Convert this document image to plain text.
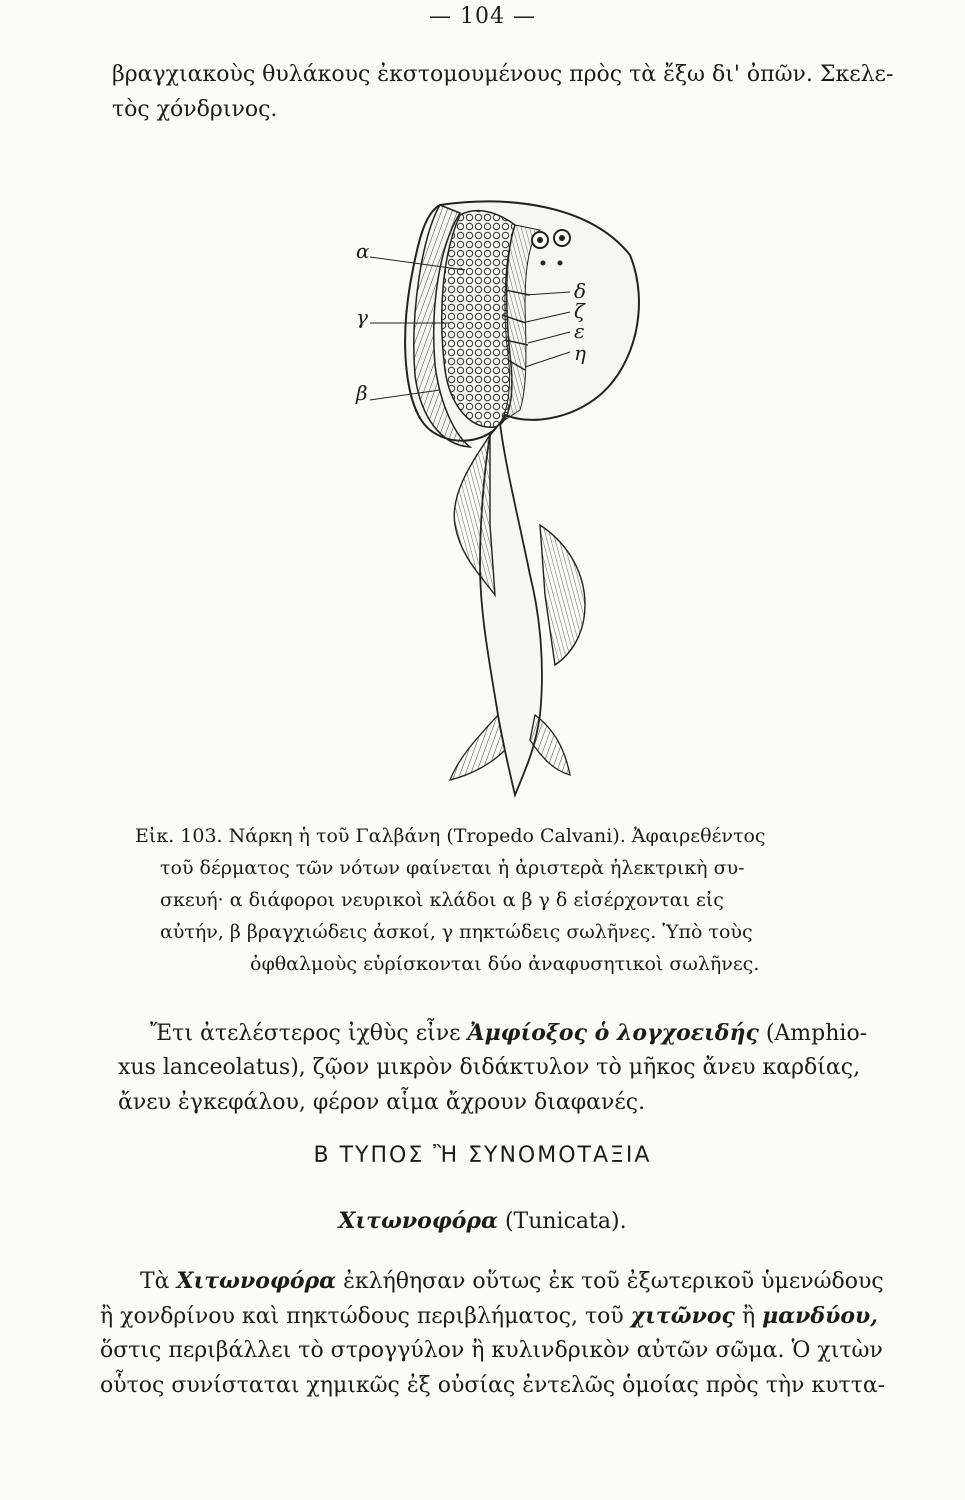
— 104 —
βραγχιακοὺς θυλάκους ἐκστομουμένους πρὸς τὰ ἔξω δι' ὀπῶν. Σκελε-
τὸς χόνδρινος.
α
γ
β
δ
ζ
ε
η
Εἰκ. 103. Νάρκη ἡ τοῦ Γαλβάνη (Tropedo Calvani). Ἀφαιρεθέντος
τοῦ δέρματος τῶν νότων φαίνεται ἡ ἀριστερὰ ἠλεκτρικὴ συ-
σκευή· α διάφοροι νευρικοὶ κλάδοι α β γ δ εἰσέρχονται εἰς
αὐτήν, β βραγχιώδεις ἀσκοί, γ πηκτώδεις σωλῆνες. Ὑπὸ τοὺς
ὀφθαλμοὺς εὑρίσκονται δύο ἀναφυσητικοὶ σωλῆνες.
Ἔτι ἀτελέστερος ἰχθὺς εἶνε Ἀμφίοξος ὁ λογχοειδής (Amphio-
xus lanceolatus), ζῷον μικρὸν διδάκτυλον τὸ μῆκος ἄνευ καρδίας,
ἄνευ ἐγκεφάλου, φέρον αἷμα ἄχρουν διαφανές.
Β ΤΥΠΟΣ Ἢ ΣΥΝΟΜΟΤΑΞΙΑ
Χιτωνοφόρα (Tunicata).
Τὰ Χιτωνοφόρα ἐκλήθησαν οὕτως ἐκ τοῦ ἐξωτερικοῦ ὑμενώδους
ἢ χονδρίνου καὶ πηκτώδους περιβλήματος, τοῦ χιτῶνος ἢ μανδύου,
ὅστις περιβάλλει τὸ στρογγύλον ἢ κυλινδρικὸν αὐτῶν σῶμα. Ὁ χιτὼν
οὗτος συνίσταται χημικῶς ἐξ οὐσίας ἐντελῶς ὁμοίας πρὸς τὴν κυττα-
